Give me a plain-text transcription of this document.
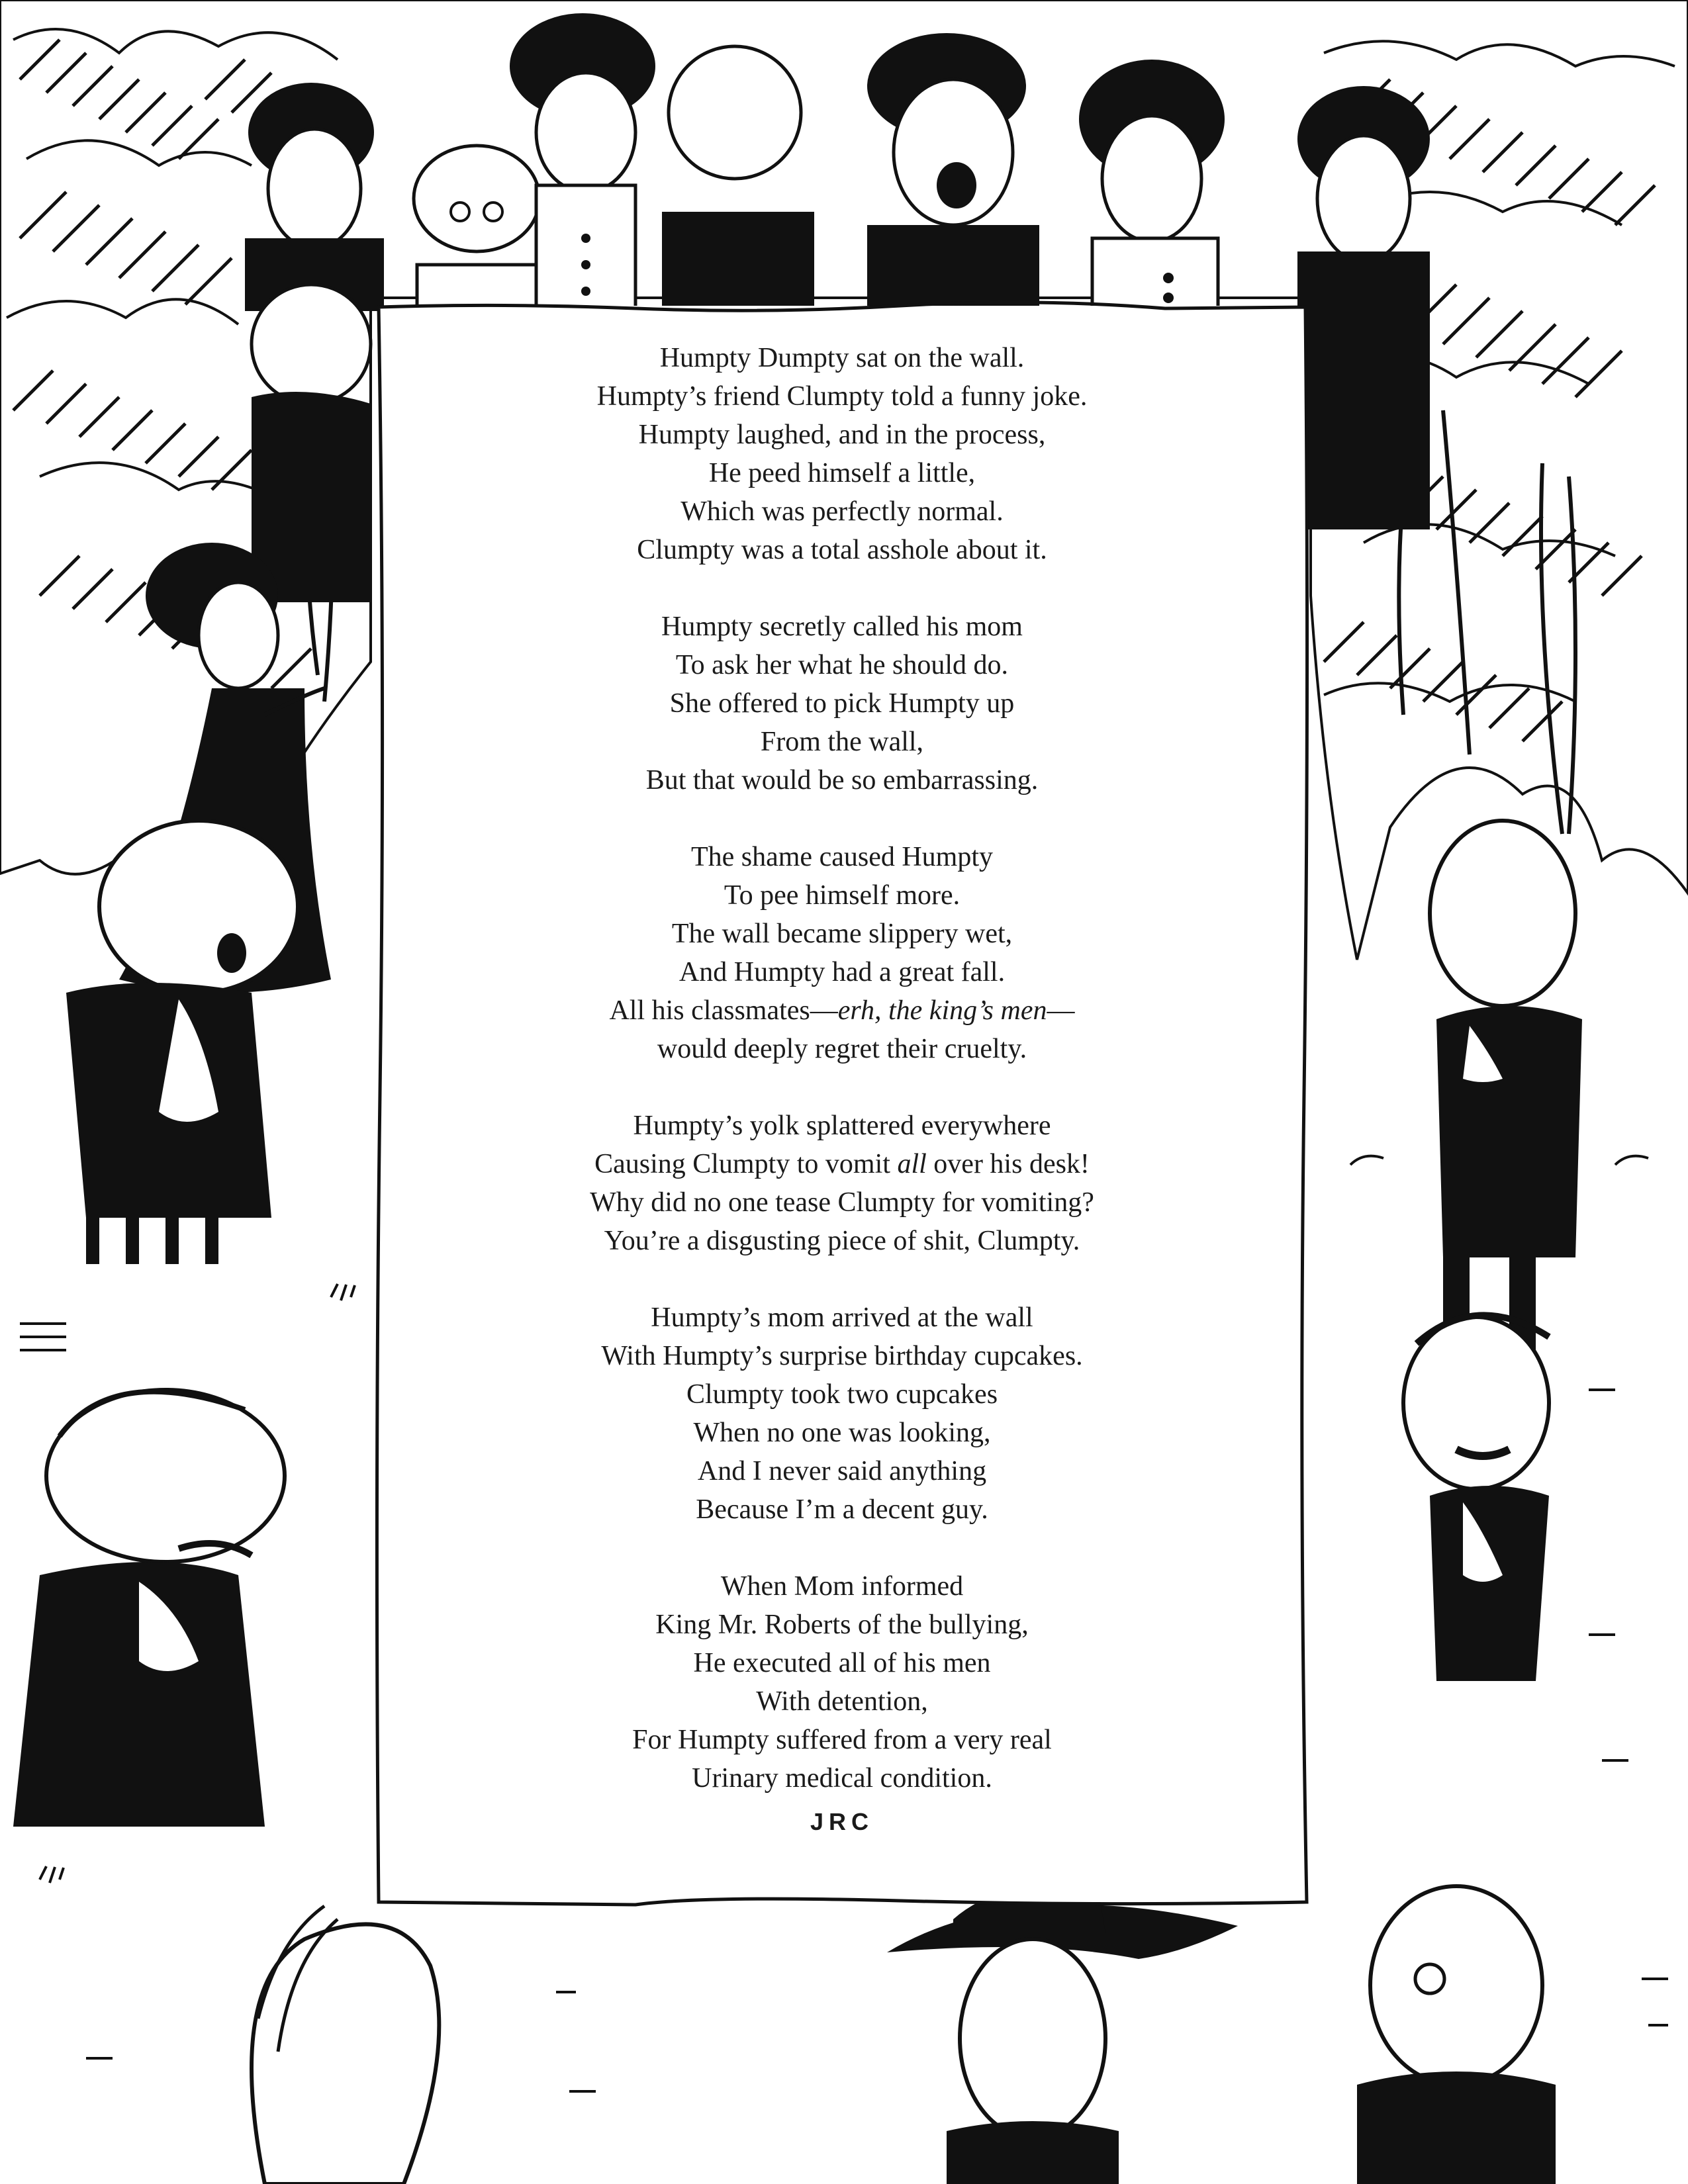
Humpty Dumpty sat on the wall.
Humpty’s friend Clumpty told a funny joke.
Humpty laughed, and in the process,
He peed himself a little,
Which was perfectly normal.
Clumpty was a total asshole about it.
Humpty secretly called his mom
To ask her what he should do.
She offered to pick Humpty up
From the wall,
But that would be so embarrassing.
The shame caused Humpty
To pee himself more.
The wall became slippery wet,
And Humpty had a great fall.
All his classmates—erh, the king’s men—
would deeply regret their cruelty.
Humpty’s yolk splattered everywhere
Causing Clumpty to vomit all over his desk!
Why did no one tease Clumpty for vomiting?
You’re a disgusting piece of shit, Clumpty.
Humpty’s mom arrived at the wall
With Humpty’s surprise birthday cupcakes.
Clumpty took two cupcakes
When no one was looking,
And I never said anything
Because I’m a decent guy.
When Mom informed
King Mr. Roberts of the bullying,
He executed all of his men
With detention,
For Humpty suffered from a very real
Urinary medical condition.
JRC
